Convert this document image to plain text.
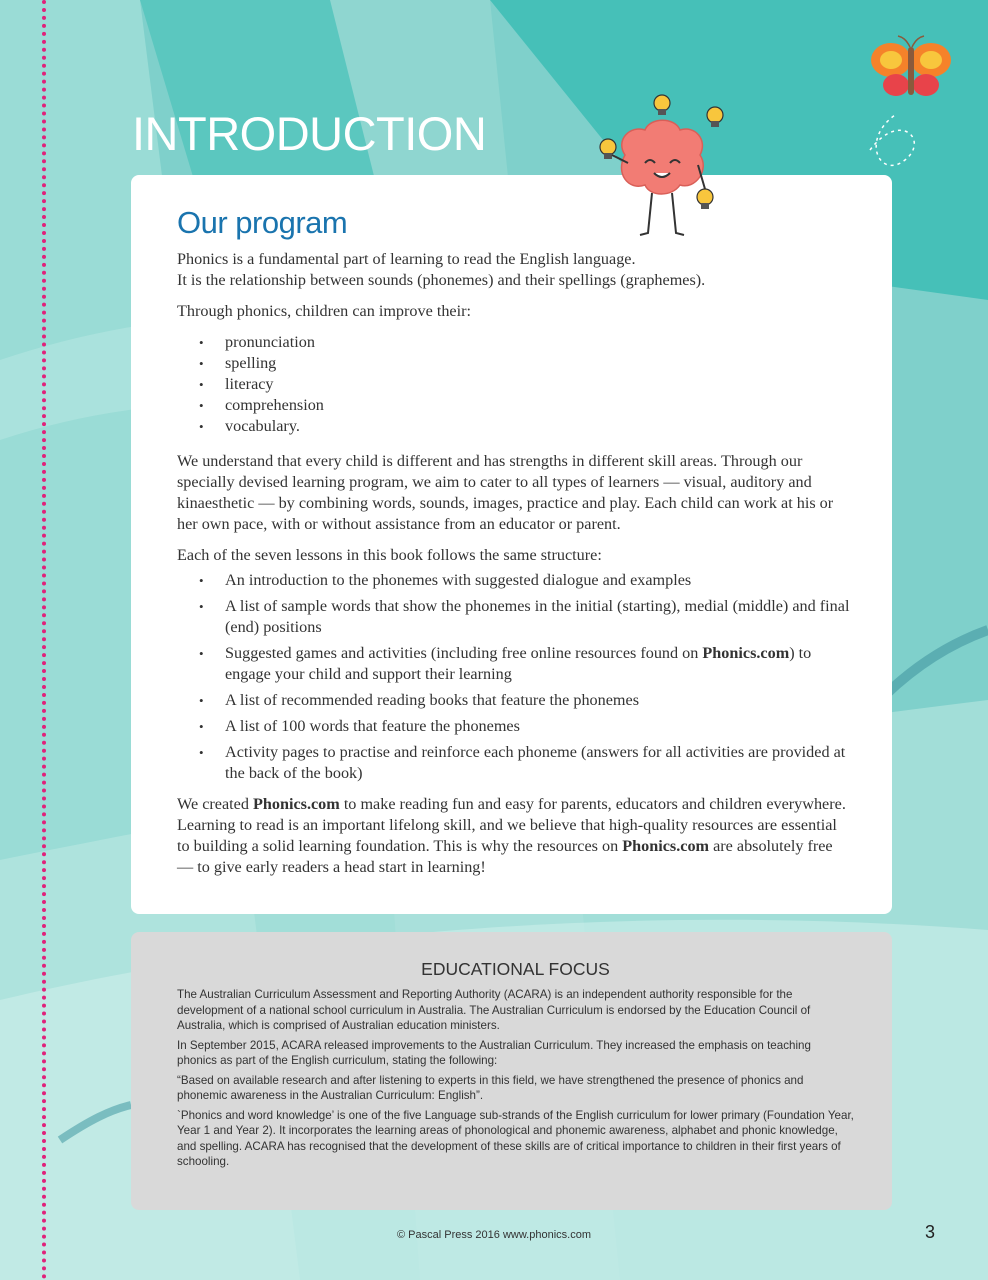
INTRODUCTION
Our program

Phonics is a fundamental part of learning to read the English language.
It is the relationship between sounds (phonemes) and their spellings (graphemes).

Through phonics, children can improve their:

• pronunciation
• spelling
• literacy
• comprehension
• vocabulary.

We understand that every child is different and has strengths in different skill areas. Through our specially devised learning program, we aim to cater to all types of learners — visual, auditory and kinaesthetic — by combining words, sounds, images, practice and play. Each child can work at his or her own pace, with or without assistance from an educator or parent.

Each of the seven lessons in this book follows the same structure:

• An introduction to the phonemes with suggested dialogue and examples
• A list of sample words that show the phonemes in the initial (starting), medial (middle) and final (end) positions
• Suggested games and activities (including free online resources found on Phonics.com) to engage your child and support their learning
• A list of recommended reading books that feature the phonemes
• A list of 100 words that feature the phonemes
• Activity pages to practise and reinforce each phoneme (answers for all activities are provided at the back of the book)

We created Phonics.com to make reading fun and easy for parents, educators and children everywhere. Learning to read is an important lifelong skill, and we believe that high-quality resources are essential to building a solid learning foundation. This is why the resources on Phonics.com are absolutely free — to give early readers a head start in learning!

EDUCATIONAL FOCUS

The Australian Curriculum Assessment and Reporting Authority (ACARA) is an independent authority responsible for the development of a national school curriculum in Australia. The Australian Curriculum is endorsed by the Education Council of Australia, which is comprised of Australian education ministers.

In September 2015, ACARA released improvements to the Australian Curriculum. They increased the emphasis on teaching phonics as part of the English curriculum, stating the following:

“Based on available research and after listening to experts in this field, we have strengthened the presence of phonics and phonemic awareness in the Australian Curriculum: English”.

`Phonics and word knowledge’ is one of the five Language sub-strands of the English curriculum for lower primary (Foundation Year, Year 1 and Year 2). It incorporates the learning areas of phonological and phonemic awareness, alphabet and phonic knowledge, and spelling. ACARA has recognised that the development of these skills are of critical importance to children in their first years of schooling.

© Pascal Press 2016 www.phonics.com	3
